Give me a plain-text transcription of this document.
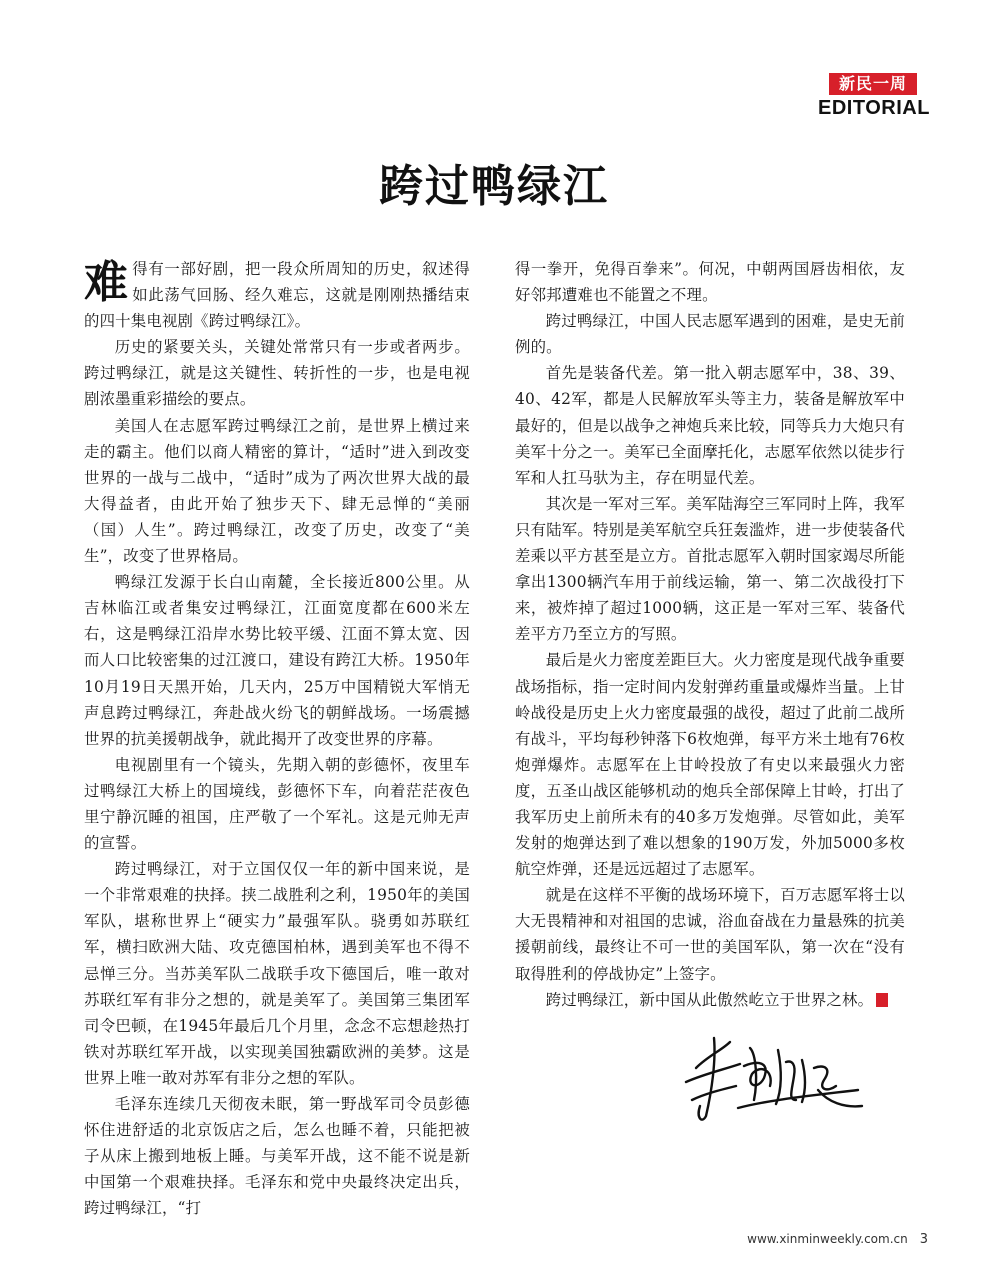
新民一周
EDITORIAL
跨过鸭绿江

难得有一部好剧，把一段众所周知的历史，叙述得如此荡气回肠、经久难忘，这就是刚刚热播结束的四十集电视剧《跨过鸭绿江》。

历史的紧要关头，关键处常常只有一步或者两步。跨过鸭绿江，就是这关键性、转折性的一步，也是电视剧浓墨重彩描绘的要点。

美国人在志愿军跨过鸭绿江之前，是世界上横过来走的霸主。他们以商人精密的算计，“适时”进入到改变世界的一战与二战中，“适时”成为了两次世界大战的最大得益者，由此开始了独步天下、肆无忌惮的“美丽（国）人生”。跨过鸭绿江，改变了历史，改变了“美生”，改变了世界格局。

鸭绿江发源于长白山南麓，全长接近800公里。从吉林临江或者集安过鸭绿江，江面宽度都在600米左右，这是鸭绿江沿岸水势比较平缓、江面不算太宽、因而人口比较密集的过江渡口，建设有跨江大桥。1950年10月19日天黑开始，几天内，25万中国精锐大军悄无声息跨过鸭绿江，奔赴战火纷飞的朝鲜战场。一场震撼世界的抗美援朝战争，就此揭开了改变世界的序幕。

电视剧里有一个镜头，先期入朝的彭德怀，夜里车过鸭绿江大桥上的国境线，彭德怀下车，向着茫茫夜色里宁静沉睡的祖国，庄严敬了一个军礼。这是元帅无声的宣誓。

跨过鸭绿江，对于立国仅仅一年的新中国来说，是一个非常艰难的抉择。挟二战胜利之利，1950年的美国军队，堪称世界上“硬实力”最强军队。骁勇如苏联红军，横扫欧洲大陆、攻克德国柏林，遇到美军也不得不忌惮三分。当苏美军队二战联手攻下德国后，唯一敢对苏联红军有非分之想的，就是美军了。美国第三集团军司令巴顿，在1945年最后几个月里，念念不忘想趁热打铁对苏联红军开战，以实现美国独霸欧洲的美梦。这是世界上唯一敢对苏军有非分之想的军队。

毛泽东连续几天彻夜未眠，第一野战军司令员彭德怀住进舒适的北京饭店之后，怎么也睡不着，只能把被子从床上搬到地板上睡。与美军开战，这不能不说是新中国第一个艰难抉择。毛泽东和党中央最终决定出兵，跨过鸭绿江，“打

得一拳开，免得百拳来”。何况，中朝两国唇齿相依，友好邻邦遭难也不能置之不理。

跨过鸭绿江，中国人民志愿军遇到的困难，是史无前例的。

首先是装备代差。第一批入朝志愿军中，38、39、40、42军，都是人民解放军头等主力，装备是解放军中最好的，但是以战争之神炮兵来比较，同等兵力大炮只有美军十分之一。美军已全面摩托化，志愿军依然以徒步行军和人扛马驮为主，存在明显代差。

其次是一军对三军。美军陆海空三军同时上阵，我军只有陆军。特别是美军航空兵狂轰滥炸，进一步使装备代差乘以平方甚至是立方。首批志愿军入朝时国家竭尽所能拿出1300辆汽车用于前线运输，第一、第二次战役打下来，被炸掉了超过1000辆，这正是一军对三军、装备代差平方乃至立方的写照。

最后是火力密度差距巨大。火力密度是现代战争重要战场指标，指一定时间内发射弹药重量或爆炸当量。上甘岭战役是历史上火力密度最强的战役，超过了此前二战所有战斗，平均每秒钟落下6枚炮弹，每平方米土地有76枚炮弹爆炸。志愿军在上甘岭投放了有史以来最强火力密度，五圣山战区能够机动的炮兵全部保障上甘岭，打出了我军历史上前所未有的40多万发炮弹。尽管如此，美军发射的炮弹达到了难以想象的190万发，外加5000多枚航空炸弹，还是远远超过了志愿军。

就是在这样不平衡的战场环境下，百万志愿军将士以大无畏精神和对祖国的忠诚，浴血奋战在力量悬殊的抗美援朝前线，最终让不可一世的美国军队，第一次在“没有取得胜利的停战协定”上签字。

跨过鸭绿江，新中国从此傲然屹立于世界之林。

www.xinminweekly.com.cn 3
